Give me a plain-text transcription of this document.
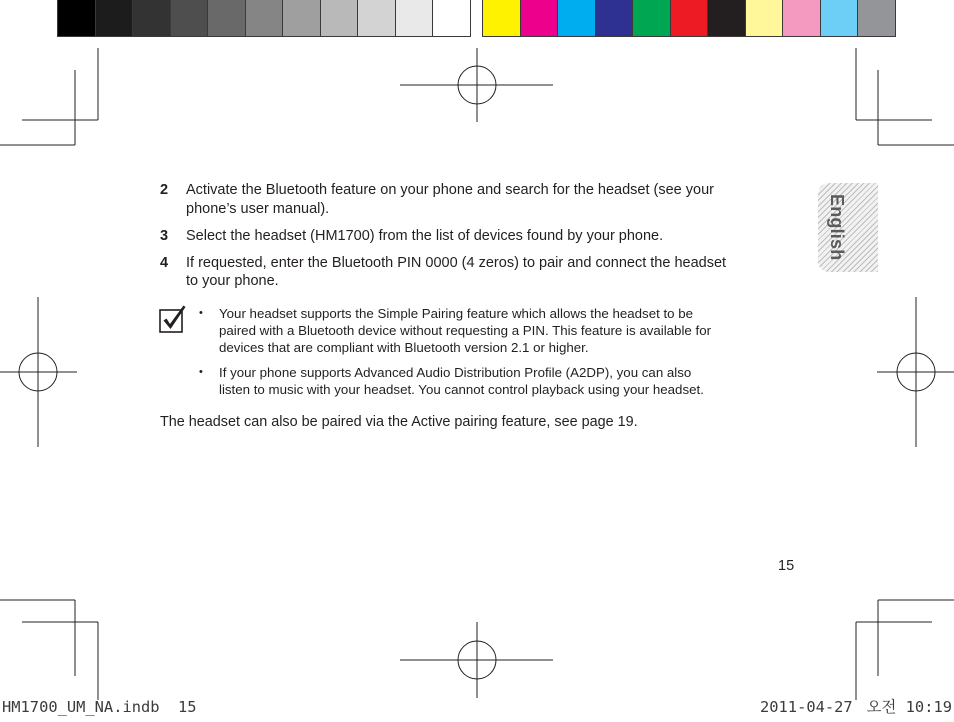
English
2 Activate the Bluetooth feature on your phone and search for the headset (see your
phone’s user manual).
3 Select the headset (HM1700) from the list of devices found by your phone.
4 If requested, enter the Bluetooth PIN 0000 (4 zeros) to pair and connect the headset
to your phone.
• Your headset supports the Simple Pairing feature which allows the headset to be
paired with a Bluetooth device without requesting a PIN. This feature is available for
devices that are compliant with Bluetooth version 2.1 or higher.
• If your phone supports Advanced Audio Distribution Profile (A2DP), you can also
listen to music with your headset. You cannot control playback using your headset.
The headset can also be paired via the Active pairing feature, see page 19.
15
HM1700_UM_NA.indb 15	2011-04-27 오전 10:19
